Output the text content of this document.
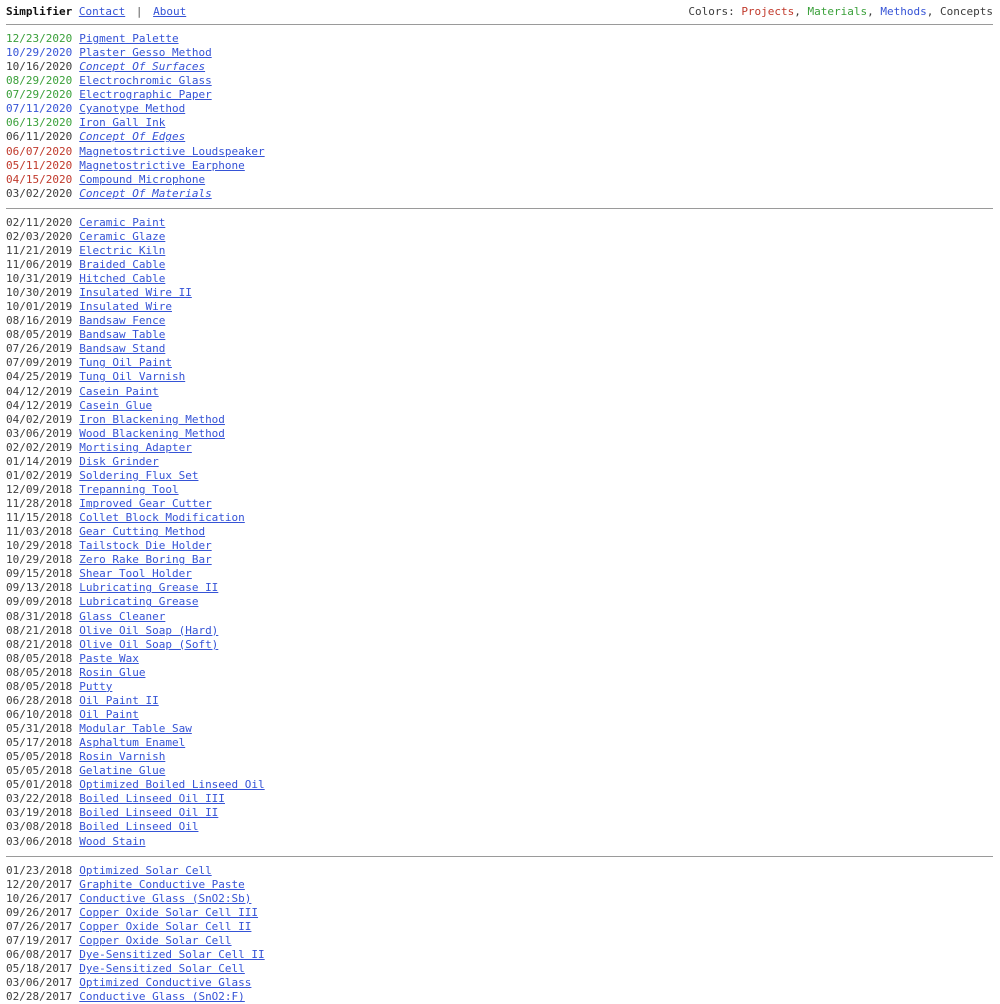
Simplifier Contact | About	Colors: Projects, Materials, Methods, Concepts
12/23/2020 Pigment Palette
10/29/2020 Plaster Gesso Method
10/16/2020 Concept Of Surfaces
08/29/2020 Electrochromic Glass
07/29/2020 Electrographic Paper
07/11/2020 Cyanotype Method
06/13/2020 Iron Gall Ink
06/11/2020 Concept Of Edges
06/07/2020 Magnetostrictive Loudspeaker
05/11/2020 Magnetostrictive Earphone
04/15/2020 Compound Microphone
03/02/2020 Concept Of Materials
02/11/2020 Ceramic Paint
02/03/2020 Ceramic Glaze
11/21/2019 Electric Kiln
11/06/2019 Braided Cable
10/31/2019 Hitched Cable
10/30/2019 Insulated Wire II
10/01/2019 Insulated Wire
08/16/2019 Bandsaw Fence
08/05/2019 Bandsaw Table
07/26/2019 Bandsaw Stand
07/09/2019 Tung Oil Paint
04/25/2019 Tung Oil Varnish
04/12/2019 Casein Paint
04/12/2019 Casein Glue
04/02/2019 Iron Blackening Method
03/06/2019 Wood Blackening Method
02/02/2019 Mortising Adapter
01/14/2019 Disk Grinder
01/02/2019 Soldering Flux Set
12/09/2018 Trepanning Tool
11/28/2018 Improved Gear Cutter
11/15/2018 Collet Block Modification
11/03/2018 Gear Cutting Method
10/29/2018 Tailstock Die Holder
10/29/2018 Zero Rake Boring Bar
09/15/2018 Shear Tool Holder
09/13/2018 Lubricating Grease II
09/09/2018 Lubricating Grease
08/31/2018 Glass Cleaner
08/21/2018 Olive Oil Soap (Hard)
08/21/2018 Olive Oil Soap (Soft)
08/05/2018 Paste Wax
08/05/2018 Rosin Glue
08/05/2018 Putty
06/28/2018 Oil Paint II
06/10/2018 Oil Paint
05/31/2018 Modular Table Saw
05/17/2018 Asphaltum Enamel
05/05/2018 Rosin Varnish
05/05/2018 Gelatine Glue
05/01/2018 Optimized Boiled Linseed Oil
03/22/2018 Boiled Linseed Oil III
03/19/2018 Boiled Linseed Oil II
03/08/2018 Boiled Linseed Oil
03/06/2018 Wood Stain
01/23/2018 Optimized Solar Cell
12/20/2017 Graphite Conductive Paste
10/26/2017 Conductive Glass (SnO2:Sb)
09/26/2017 Copper Oxide Solar Cell III
07/26/2017 Copper Oxide Solar Cell II
07/19/2017 Copper Oxide Solar Cell
06/08/2017 Dye-Sensitized Solar Cell II
05/18/2017 Dye-Sensitized Solar Cell
03/06/2017 Optimized Conductive Glass
02/28/2017 Conductive Glass (SnO2:F)
